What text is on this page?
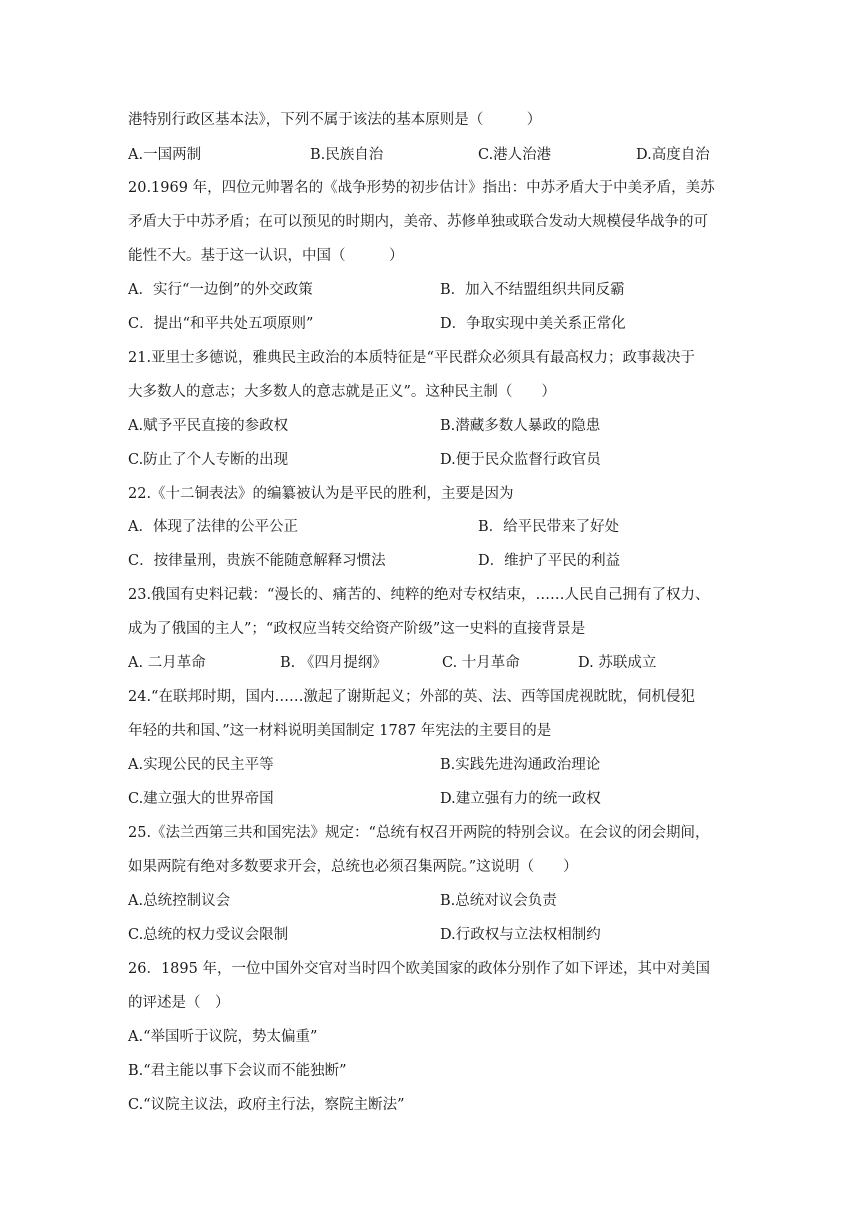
港特别行政区基本法》，下列不属于该法的基本原则是（　　　）
A.一国两制	B.民族自治	C.港人治港	D.高度自治
20.1969 年，四位元帅署名的《战争形势的初步估计》指出：中苏矛盾大于中美矛盾，美苏
矛盾大于中苏矛盾；在可以预见的时期内，美帝、苏修单独或联合发动大规模侵华战争的可
能性不大。基于这一认识，中国（　　　）
A．实行“一边倒”的外交政策	B．加入不结盟组织共同反霸
C．提出“和平共处五项原则”	D．争取实现中美关系正常化
21.亚里士多德说，雅典民主政治的本质特征是“平民群众必须具有最高权力；政事裁决于
大多数人的意志；大多数人的意志就是正义”。这种民主制（　　）
A.赋予平民直接的参政权	B.潜藏多数人暴政的隐患
C.防止了个人专断的出现	D.便于民众监督行政官员
22.《十二铜表法》的编纂被认为是平民的胜利，主要是因为
A．体现了法律的公平公正	B．给平民带来了好处
C．按律量刑，贵族不能随意解释习惯法	D．维护了平民的利益
23.俄国有史料记载：“漫长的、痛苦的、纯粹的绝对专权结束，……人民自己拥有了权力、
成为了俄国的主人”；“政权应当转交给资产阶级”这一史料的直接背景是
A. 二月革命	B. 《四月提纲》	C. 十月革命	D. 苏联成立
24.“在联邦时期，国内……激起了谢斯起义；外部的英、法、西等国虎视眈眈，伺机侵犯
年轻的共和国、”这一材料说明美国制定 1787 年宪法的主要目的是
A.实现公民的民主平等	B.实践先进沟通政治理论
C.建立强大的世界帝国	D.建立强有力的统一政权
25.《法兰西第三共和国宪法》规定：“总统有权召开两院的特别会议。在会议的闭会期间，
如果两院有绝对多数要求开会，总统也必须召集两院。”这说明（　　）
A.总统控制议会	B.总统对议会负责
C.总统的权力受议会限制	D.行政权与立法权相制约
26．1895 年，一位中国外交官对当时四个欧美国家的政体分别作了如下评述，其中对美国
的评述是（　）
A.“举国听于议院，势太偏重”
B.“君主能以事下会议而不能独断”
C.“议院主议法，政府主行法，察院主断法”
